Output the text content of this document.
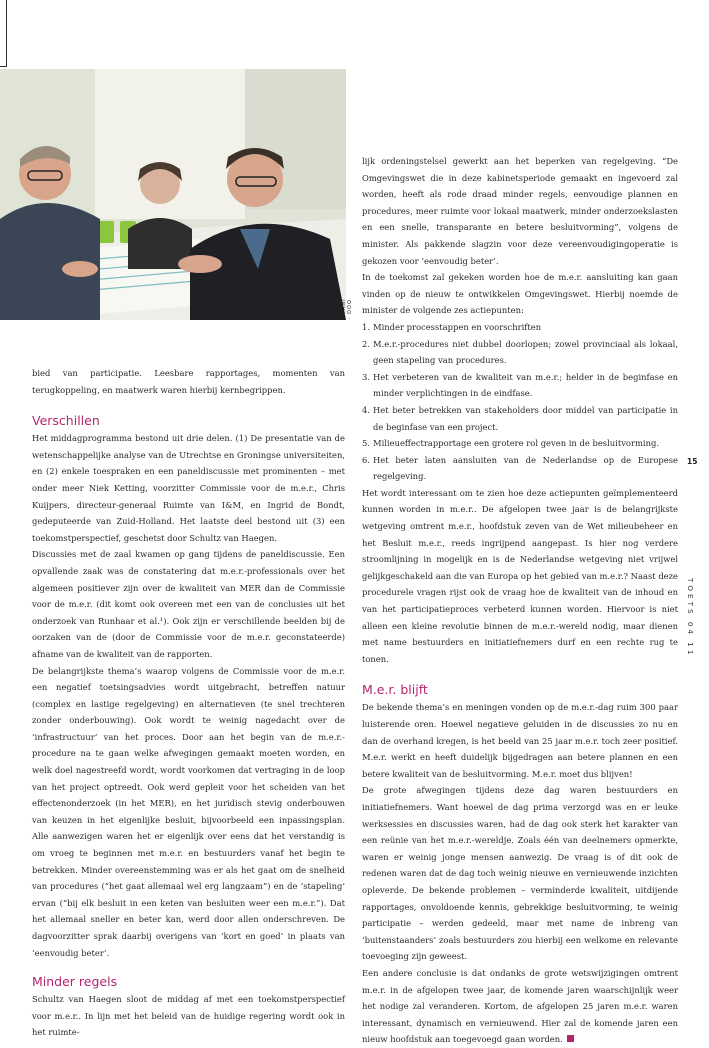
SHERIN MYANI · DOO

bied van participatie. Leesbare rapportages, momenten van terugkoppeling, en maatwerk waren hierbij kernbegrippen.

Verschillen

Het middagprogramma bestond uit drie delen. (1) De presentatie van de wetenschappelijke analyse van de Utrechtse en Groningse universiteiten, en (2) enkele toespraken en een paneldiscussie met prominenten – met onder meer Niek Ketting, voorzitter Commissie voor de m.e.r., Chris Kuijpers, directeur-generaal Ruimte van I&M, en Ingrid de Bondt, gedeputeerde van Zuid-Holland. Het laatste deel bestond uit (3) een toekomstperspectief, geschetst door Schultz van Haegen.

Discussies met de zaal kwamen op gang tijdens de paneldiscussie. Een opvallende zaak was de constatering dat m.e.r.-professionals over het algemeen positiever zijn over de kwaliteit van MER dan de Commissie voor de m.e.r. (dit komt ook overeen met een van de conclusies uit het onderzoek van Runhaar et al.¹). Ook zijn er verschillende beelden bij de oorzaken van de (door de Commissie voor de m.e.r. geconstateerde) afname van de kwaliteit van de rapporten.

De belangrijkste thema’s waarop volgens de Commissie voor de m.e.r. een negatief toetsingsadvies wordt uitgebracht, betreffen natuur (complex en lastige regelgeving) en alternatieven (te snel trechteren zonder onderbouwing). Ook wordt te weinig nagedacht over de ‘infrastructuur’ van het proces. Door aan het begin van de m.e.r.-procedure na te gaan welke afwegingen gemaakt moeten worden, en welk doel nagestreefd wordt, wordt voorkomen dat vertraging in de loop van het project optreedt. Ook werd gepleit voor het scheiden van het effectenonderzoek (in het MER), en het juridisch stevig onderbouwen van keuzen in het eigenlijke besluit, bijvoorbeeld een inpassingsplan. Alle aanwezigen waren het er eigenlijk over eens dat het verstandig is om vroeg te beginnen met m.e.r. en bestuurders vanaf het begin te betrekken. Minder overeenstemming was er als het gaat om de snelheid van procedures (“het gaat allemaal wel erg langzaam”) en de ‘stapeling’ ervan (“bij elk besluit in een keten van besluiten weer een m.e.r.”). Dat het allemaal sneller en beter kan, werd door allen onderschreven. De dagvoorzitter sprak daarbij overigens van ‘kort en goed’ in plaats van ‘eenvoudig beter’.

Minder regels

Schultz van Haegen sloot de middag af met een toekomstperspectief voor m.e.r.. In lijn met het beleid van de huidige regering wordt ook in het ruimte-

lijk ordeningstelsel gewerkt aan het beperken van regelgeving. “De Omgevingswet die in deze kabinetsperiode gemaakt en ingevoerd zal worden, heeft als rode draad minder regels, eenvoudige plannen en procedures, meer ruimte voor lokaal maatwerk, minder onderzoekslasten en een snelle, transparante en betere besluitvorming”, volgens de minister. Als pakkende slagzin voor deze vereenvoudigingoperatie is gekozen voor ‘eenvoudig beter’.

In de toekomst zal gekeken worden hoe de m.e.r. aansluiting kan gaan vinden op de nieuw te ontwikkelen Omgevingswet. Hierbij noemde de minister de volgende zes actiepunten:

1. Minder processtappen en voorschriften
2. M.e.r.-procedures niet dubbel doorlopen; zowel provinciaal als lokaal, geen stapeling van procedures.
3. Het verbeteren van de kwaliteit van m.e.r.; helder in de beginfase en minder verplichtingen in de eindfase.
4. Het beter betrekken van stakeholders door middel van participatie in de beginfase van een project.
5. Milieueffectrapportage een grotere rol geven in de besluitvorming.
6. Het beter laten aansluiten van de Nederlandse op de Europese regelgeving.

Het wordt interessant om te zien hoe deze actiepunten geïmplementeerd kunnen worden in m.e.r.. De afgelopen twee jaar is de belangrijkste wetgeving omtrent m.e.r., hoofdstuk zeven van de Wet milieubeheer en het Besluit m.e.r., reeds ingrijpend aangepast. Is hier nog verdere stroomlijning in mogelijk en is de Nederlandse wetgeving niet vrijwel gelijkgeschakeld aan die van Europa op het gebied van m.e.r.? Naast deze procedurele vragen rijst ook de vraag hoe de kwaliteit van de inhoud en van het participatieproces verbeterd kunnen worden. Hiervoor is niet alleen een kleine revolutie binnen de m.e.r.-wereld nodig, maar dienen met name bestuurders en initiatiefnemers durf en een rechte rug te tonen.

M.e.r. blijft

De bekende thema’s en meningen vonden op de m.e.r.-dag ruim 300 paar luisterende oren. Hoewel negatieve geluiden in de discussies zo nu en dan de overhand kregen, is het beeld van 25 jaar m.e.r. toch zeer positief. M.e.r. werkt en heeft duidelijk bijgedragen aan betere plannen en een betere kwaliteit van de besluitvorming. M.e.r. moet dus blijven!

De grote afwegingen tijdens deze dag waren bestuurders en initiatiefnemers. Want hoewel de dag prima verzorgd was en er leuke werksessies en discussies waren, had de dag ook sterk het karakter van een reünie van het m.e.r.-wereldje. Zoals één van deelnemers opmerkte, waren er weinig jonge mensen aanwezig. De vraag is of dit ook de redenen waren dat de dag toch weinig nieuwe en vernieuwende inzichten opleverde. De bekende problemen – verminderde kwaliteit, uitdijende rapportages, onvoldoende kennis, gebrekkige besluitvorming, te weinig participatie – werden gedeeld, maar met name de inbreng van ‘buitenstaanders’ zoals bestuurders zou hierbij een welkome en relevante toevoeging zijn geweest.

Een andere conclusie is dat ondanks de grote wetswijzigingen omtrent m.e.r. in de afgelopen twee jaar, de komende jaren waarschijnlijk weer het nodige zal veranderen. Kortom, de afgelopen 25 jaren m.e.r. waren interessant, dynamisch en vernieuwend. Hier zal de komende jaren een nieuw hoofdstuk aan toegevoegd gaan worden.

15
TOETS 04 11
